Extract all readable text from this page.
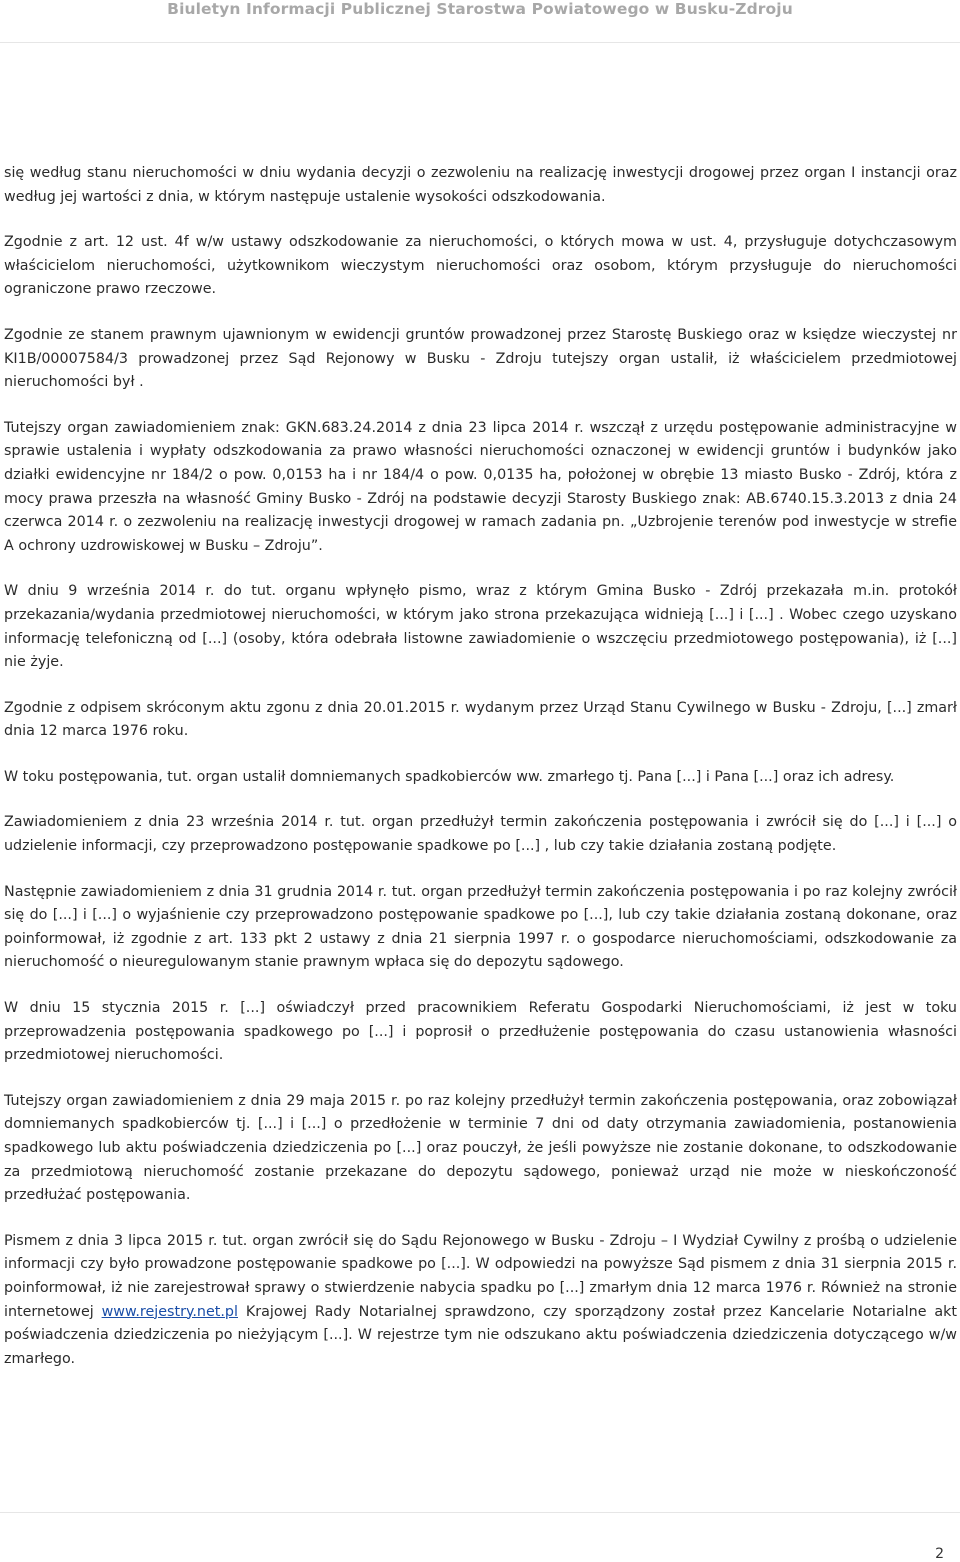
Biuletyn Informacji Publicznej Starostwa Powiatowego w Busku-Zdroju

się według stanu nieruchomości w dniu wydania decyzji o zezwoleniu na realizację inwestycji drogowej przez organ I instancji oraz według jej wartości z dnia, w którym następuje ustalenie wysokości odszkodowania.

Zgodnie z art. 12 ust. 4f w/w ustawy odszkodowanie za nieruchomości, o których mowa w ust. 4, przysługuje dotychczasowym właścicielom nieruchomości, użytkownikom wieczystym nieruchomości oraz osobom, którym przysługuje do nieruchomości ograniczone prawo rzeczowe.

Zgodnie ze stanem prawnym ujawnionym w ewidencji gruntów prowadzonej przez Starostę Buskiego oraz w księdze wieczystej nr KI1B/00007584/3 prowadzonej przez Sąd Rejonowy w Busku - Zdroju tutejszy organ ustalił, iż właścicielem przedmiotowej nieruchomości był .

Tutejszy organ zawiadomieniem znak: GKN.683.24.2014 z dnia 23 lipca 2014 r. wszczął z urzędu postępowanie administracyjne w sprawie ustalenia i wypłaty odszkodowania za prawo własności nieruchomości oznaczonej w ewidencji gruntów i budynków jako działki ewidencyjne nr 184/2 o pow. 0,0153 ha i nr 184/4 o pow. 0,0135 ha, położonej w obrębie 13 miasto Busko - Zdrój, która z mocy prawa przeszła na własność Gminy Busko - Zdrój na podstawie decyzji Starosty Buskiego znak: AB.6740.15.3.2013 z dnia 24 czerwca 2014 r. o zezwoleniu na realizację inwestycji drogowej w ramach zadania pn. „Uzbrojenie terenów pod inwestycje w strefie A ochrony uzdrowiskowej w Busku – Zdroju”.

W dniu 9 września 2014 r. do tut. organu wpłynęło pismo, wraz z którym Gmina Busko - Zdrój przekazała m.in. protokół przekazania/wydania przedmiotowej nieruchomości, w którym jako strona przekazująca widnieją [...] i [...] . Wobec czego uzyskano informację telefoniczną od [...] (osoby, która odebrała listowne zawiadomienie o wszczęciu przedmiotowego postępowania), iż [...] nie żyje.

Zgodnie z odpisem skróconym aktu zgonu z dnia 20.01.2015 r. wydanym przez Urząd Stanu Cywilnego w Busku - Zdroju, [...] zmarł dnia 12 marca 1976 roku.

W toku postępowania, tut. organ ustalił domniemanych spadkobierców ww. zmarłego tj. Pana [...] i Pana [...] oraz ich adresy.

Zawiadomieniem z dnia 23 września 2014 r. tut. organ przedłużył termin zakończenia postępowania i zwrócił się do [...] i [...] o udzielenie informacji, czy przeprowadzono postępowanie spadkowe po [...] , lub czy takie działania zostaną podjęte.

Następnie zawiadomieniem z dnia 31 grudnia 2014 r. tut. organ przedłużył termin zakończenia postępowania i po raz kolejny zwrócił się do [...] i [...] o wyjaśnienie czy przeprowadzono postępowanie spadkowe po [...], lub czy takie działania zostaną dokonane, oraz poinformował, iż zgodnie z art. 133 pkt 2 ustawy z dnia 21 sierpnia 1997 r. o gospodarce nieruchomościami, odszkodowanie za nieruchomość o nieuregulowanym stanie prawnym wpłaca się do depozytu sądowego.

W dniu 15 stycznia 2015 r. [...] oświadczył przed pracownikiem Referatu Gospodarki Nieruchomościami, iż jest w toku przeprowadzenia postępowania spadkowego po [...] i poprosił o przedłużenie postępowania do czasu ustanowienia własności przedmiotowej nieruchomości.

Tutejszy organ zawiadomieniem z dnia 29 maja 2015 r. po raz kolejny przedłużył termin zakończenia postępowania, oraz zobowiązał domniemanych spadkobierców tj. [...] i [...] o przedłożenie w terminie 7 dni od daty otrzymania zawiadomienia, postanowienia spadkowego lub aktu poświadczenia dziedziczenia po [...] oraz pouczył, że jeśli powyższe nie zostanie dokonane, to odszkodowanie za przedmiotową nieruchomość zostanie przekazane do depozytu sądowego, ponieważ urząd nie może w nieskończoność przedłużać postępowania.

Pismem z dnia 3 lipca 2015 r. tut. organ zwrócił się do Sądu Rejonowego w Busku - Zdroju – I Wydział Cywilny z prośbą o udzielenie informacji czy było prowadzone postępowanie spadkowe po [...]. W odpowiedzi na powyższe Sąd pismem z dnia 31 sierpnia 2015 r. poinformował, iż nie zarejestrował sprawy o stwierdzenie nabycia spadku po [...] zmarłym dnia 12 marca 1976 r. Również na stronie internetowej www.rejestry.net.pl Krajowej Rady Notarialnej sprawdzono, czy sporządzony został przez Kancelarie Notarialne akt poświadczenia dziedziczenia po nieżyjącym [...]. W rejestrze tym nie odszukano aktu poświadczenia dziedziczenia dotyczącego w/w zmarłego.

2
